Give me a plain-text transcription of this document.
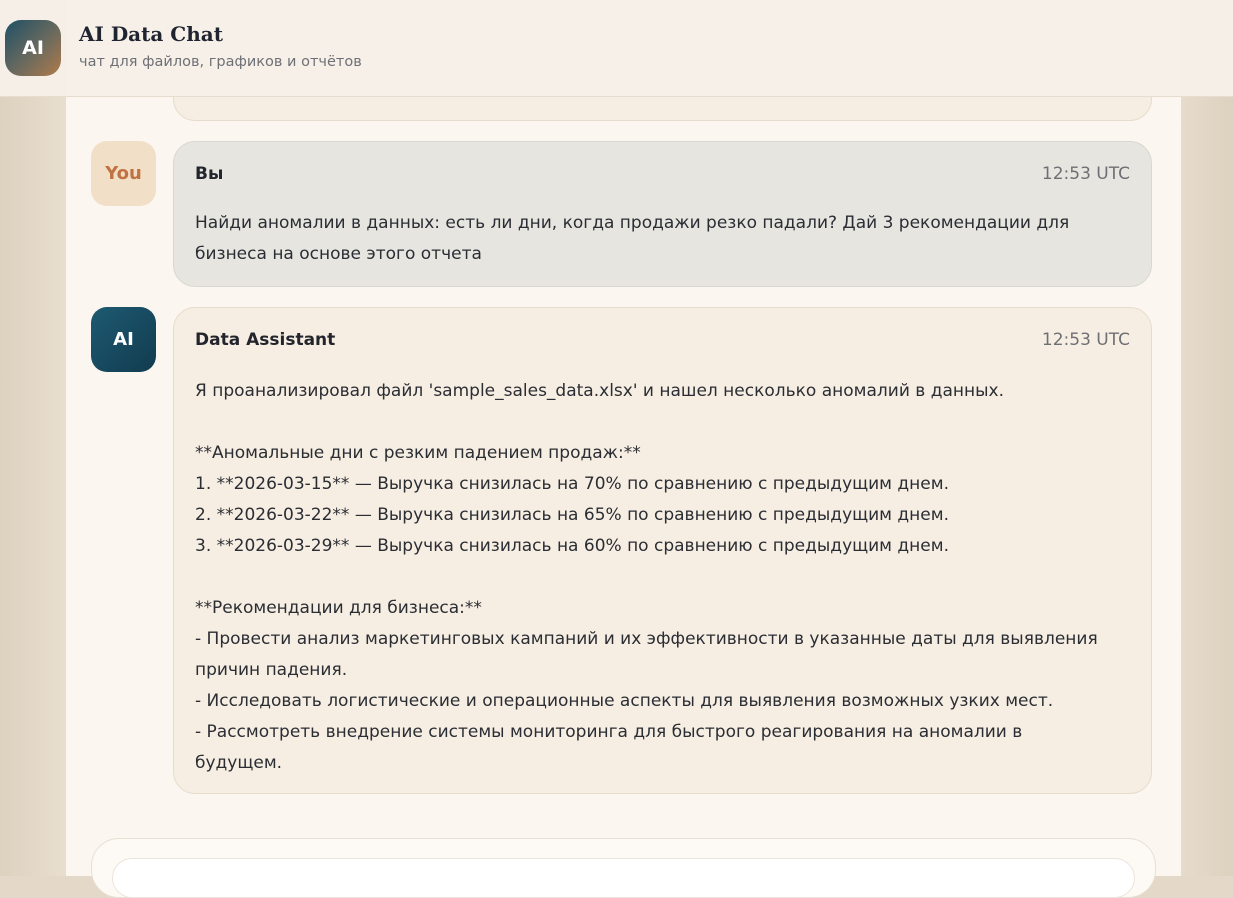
You	Вы	12:53 UTC
Найди аномалии в данных: есть ли дни, когда продажи резко падали? Дай 3 рекомендации для
бизнеса на основе этого отчета
AI	Data Assistant	12:53 UTC
Я проанализировал файл 'sample_sales_data.xlsx' и нашел несколько аномалий в данных.

**Аномальные дни с резким падением продаж:**
1. **2026-03-15** — Выручка снизилась на 70% по сравнению с предыдущим днем.
2. **2026-03-22** — Выручка снизилась на 65% по сравнению с предыдущим днем.
3. **2026-03-29** — Выручка снизилась на 60% по сравнению с предыдущим днем.

**Рекомендации для бизнеса:**
- Провести анализ маркетинговых кампаний и их эффективности в указанные даты для выявления
причин падения.
- Исследовать логистические и операционные аспекты для выявления возможных узких мест.
- Рассмотреть внедрение системы мониторинга для быстрого реагирования на аномалии в
будущем.
AI
AI Data Chat
чат для файлов, графиков и отчётов
